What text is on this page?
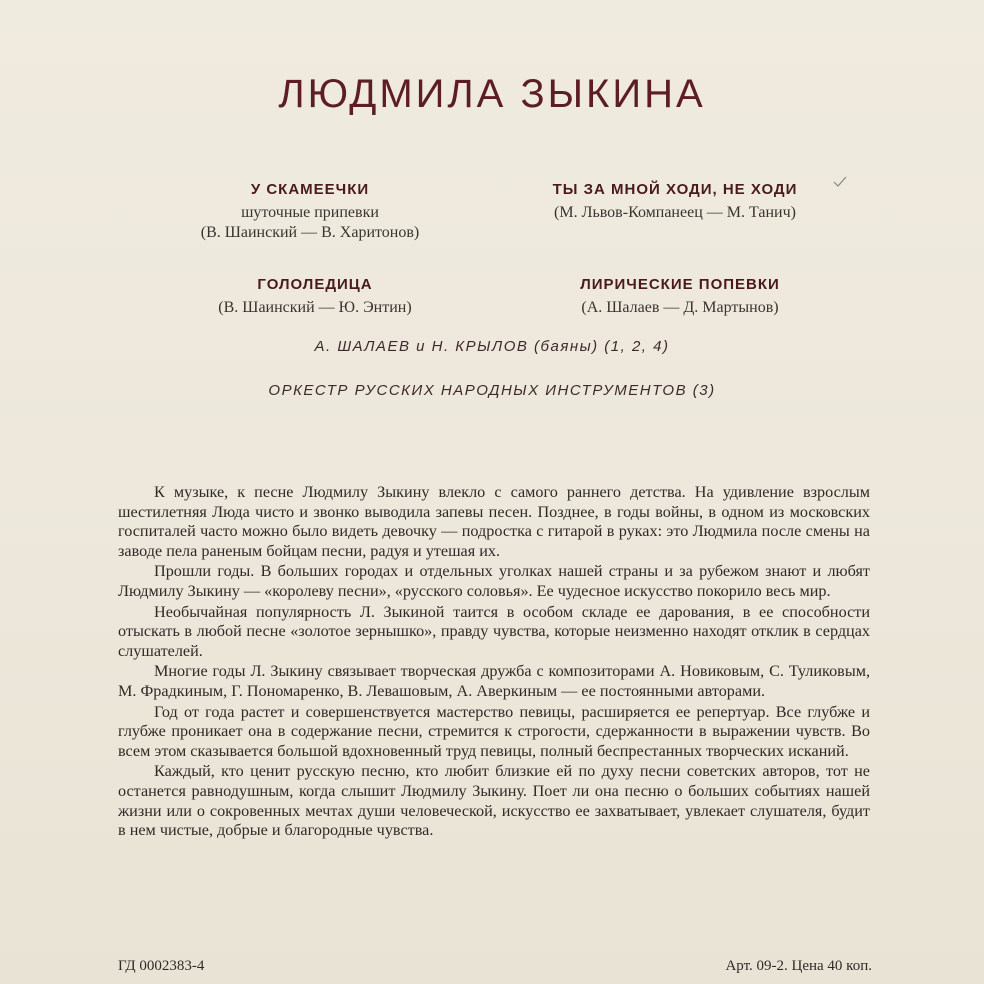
ЛЮДМИЛА ЗЫКИНА
У СКАМЕЕЧКИ
шуточные припевки
(В. Шаинский — В. Харитонов)
ТЫ ЗА МНОЙ ХОДИ, НЕ ХОДИ
(М. Львов-Компанеец — М. Танич)
ГОЛОЛЕДИЦА
(В. Шаинский — Ю. Энтин)
ЛИРИЧЕСКИЕ ПОПЕВКИ
(А. Шалаев — Д. Мартынов)
А. ШАЛАЕВ и Н. КРЫЛОВ (баяны) (1, 2, 4)
ОРКЕСТР РУССКИХ НАРОДНЫХ ИНСТРУМЕНТОВ (3)

К музыке, к песне Людмилу Зыкину влекло с самого раннего детства. На удивление взрослым шестилетняя Люда чисто и звонко выводила запевы песен. Позднее, в годы войны, в одном из московских госпиталей часто можно было видеть девочку — подростка с гитарой в руках: это Людмила после смены на заводе пела раненым бойцам песни, радуя и утешая их.

Прошли годы. В больших городах и отдельных уголках нашей страны и за рубежом знают и любят Людмилу Зыкину — «королеву песни», «русского соловья». Ее чудесное искусство покорило весь мир.

Необычайная популярность Л. Зыкиной таится в особом складе ее дарования, в ее способности отыскать в любой песне «золотое зернышко», правду чувства, которые неизменно находят отклик в сердцах слушателей.

Многие годы Л. Зыкину связывает творческая дружба с композиторами А. Новиковым, С. Туликовым, М. Фрадкиным, Г. Пономаренко, В. Левашовым, А. Аверкиным — ее постоянными авторами.

Год от года растет и совершенствуется мастерство певицы, расширяется ее репертуар. Все глубже и глубже проникает она в содержание песни, стремится к строгости, сдержанности в выражении чувств. Во всем этом сказывается большой вдохновенный труд певицы, полный беспрестанных творческих исканий.

Каждый, кто ценит русскую песню, кто любит близкие ей по духу песни советских авторов, тот не останется равнодушным, когда слышит Людмилу Зыкину. Поет ли она песню о больших событиях нашей жизни или о сокровенных мечтах души человеческой, искусство ее захватывает, увлекает слушателя, будит в нем чистые, добрые и благородные чувства.

ГД 0002383-4	Арт. 09-2. Цена 40 коп.
